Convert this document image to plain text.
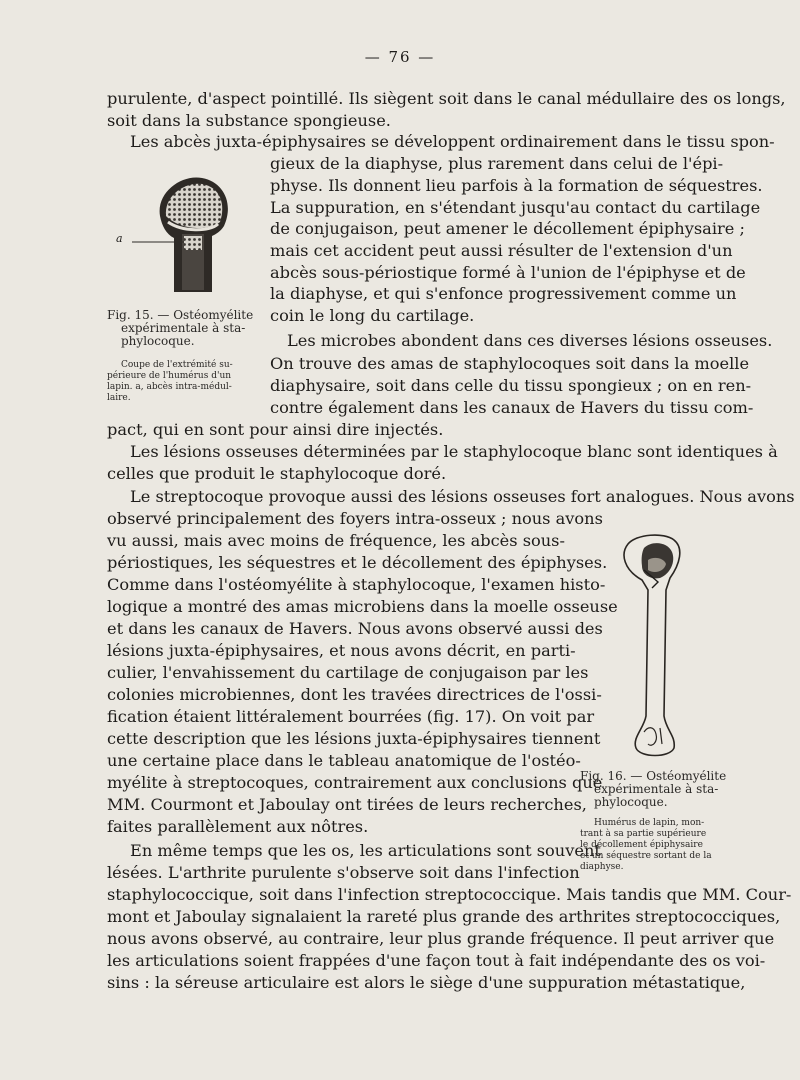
— 76 —
purulente, d'aspect pointillé. Ils siègent soit dans le canal médullaire des os longs,
soit dans la substance spongieuse.
Les abcès juxta-épiphysaires se développent ordinairement dans le tissu spon-
gieux de la diaphyse, plus rarement dans celui de l'épi-
physe. Ils donnent lieu parfois à la formation de séquestres.
La suppuration, en s'étendant jusqu'au contact du cartilage
de conjugaison, peut amener le décollement épiphysaire ;
mais cet accident peut aussi résulter de l'extension d'un
abcès sous-périostique formé à l'union de l'épiphyse et de
la diaphyse, et qui s'enfonce progressivement comme un
coin le long du cartilage.
Les microbes abondent dans ces diverses lésions osseuses.
On trouve des amas de staphylocoques soit dans la moelle
diaphysaire, soit dans celle du tissu spongieux ; on en ren-
contre également dans les canaux de Havers du tissu com-
pact, qui en sont pour ainsi dire injectés.
Les lésions osseuses déterminées par le staphylocoque blanc sont identiques à
celles que produit le staphylocoque doré.
Le streptocoque provoque aussi des lésions osseuses fort analogues. Nous avons
observé principalement des foyers intra-osseux ; nous avons
vu aussi, mais avec moins de fréquence, les abcès sous-
périostiques, les séquestres et le décollement des épiphyses.
Comme dans l'ostéomyélite à staphylocoque, l'examen histo-
logique a montré des amas microbiens dans la moelle osseuse
et dans les canaux de Havers. Nous avons observé aussi des
lésions juxta-épiphysaires, et nous avons décrit, en parti-
culier, l'envahissement du cartilage de conjugaison par les
colonies microbiennes, dont les travées directrices de l'ossi-
fication étaient littéralement bourrées (fig. 17). On voit par
cette description que les lésions juxta-épiphysaires tiennent
une certaine place dans le tableau anatomique de l'ostéo-
myélite à streptocoques, contrairement aux conclusions que
MM. Courmont et Jaboulay ont tirées de leurs recherches,
faites parallèlement aux nôtres.
En même temps que les os, les articulations sont souvent
lésées. L'arthrite purulente s'observe soit dans l'infection
staphylococcique, soit dans l'infection streptococcique. Mais tandis que MM. Cour-
mont et Jaboulay signalaient la rareté plus grande des arthrites streptococciques,
nous avons observé, au contraire, leur plus grande fréquence. Il peut arriver que
les articulations soient frappées d'une façon tout à fait indépendante des os voi-
sins : la séreuse articulaire est alors le siège d'une suppuration métastatique,
a
Fig. 15. — Ostéomyélite
expérimentale à sta-
phylocoque.
Coupe de l'extrémité su-
périeure de l'humérus d'un
lapin. a, abcès intra-médul-
laire.
Fig. 16. — Ostéomyélite
expérimentale à sta-
phylocoque.
Humérus de lapin, mon-
trant à sa partie supérieure
le décollement épiphysaire
et un séquestre sortant de la
diaphyse.
